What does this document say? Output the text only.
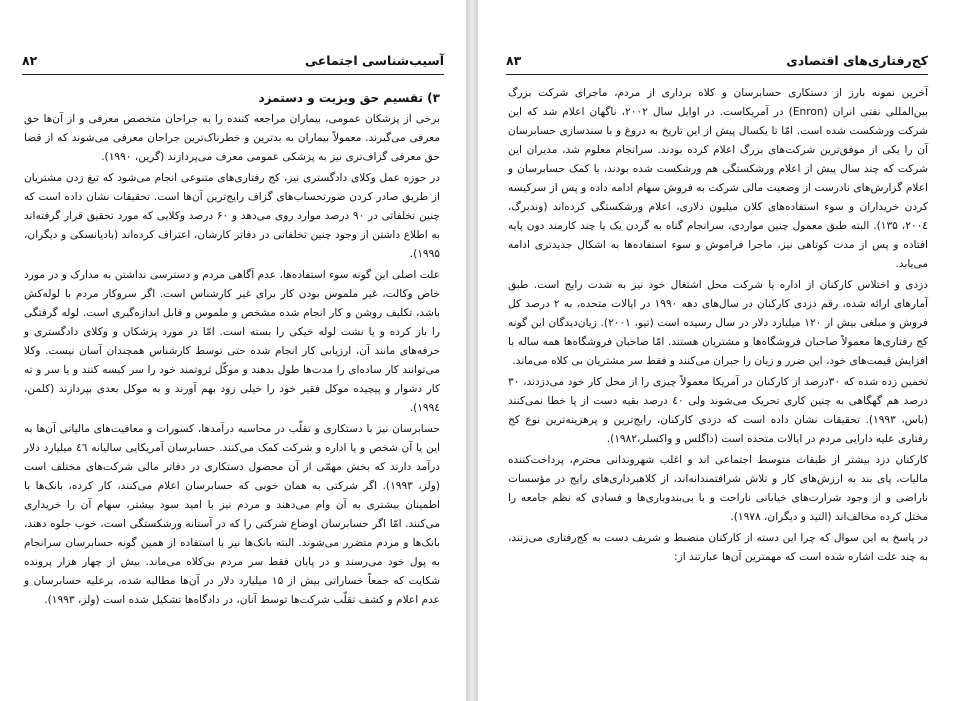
آسیب‌شناسی اجتماعی
۸۲
۳) تقسیم حق ویزیت و دستمزد

برخی از پزشکان عمومی، بیماران مراجعه کننده را به جراحان متخصص معرفی و از آن‌ها حق معرفی می‌گیرند. معمولاً بیماران به بدترین و خطرناک‌ترین جراحان معرفی می‌شوند که از قضا حق معرفی گزاف‌تری نیز به پزشکی عمومی معرف می‌پردازند (گرین، ۱۹۹۰).

در حوزه عمل وکلای دادگستری نیز، کج رفتاری‌های متنوعی انجام می‌شود که تیغ زدن مشتریان از طریق صادر کردن صورتحساب‌های گزاف رایج‌ترین آن‌ها است. تحقیقات نشان داده است که چنین تخلفاتی در ۹۰ درصد موارد روی می‌دهد و ۶۰ درصد وکلایی که مورد تحقیق قرار گرفته‌اند به اطلاع داشتن از وجود چنین تخلفاتی در دفاتر کارشان، اعتراف کرده‌اند (بادیانسکی و دیگران، ۱۹۹۵).

علت اصلی این گونه سوء استفاده‌ها، عدم آگاهی مردم و دسترسی نداشتن به مدارک و در مورد خاص وکالت، غیر ملموس بودن کار برای غیر کارشناس است. اگر سرو‌کار مردم با لوله‌کش باشد، تکلیف روشن و کار انجام شده مشخص و ملموس و قابل اندازه‌گیری است. لوله گرفتگی را باز کرده و یا نشت لوله خیکی را بسته است. امّا در مورد پزشکان و وکلای دادگستری و حرفه‌های مانند آن، ارزیابی کار انجام شده حتی توسط کارشناس همچندان آسان نیست. وکلا می‌توانند کار ساده‌ای را مدت‌ها طول بدهند و موکّل ثروتمند خود را سر کیسه کنند و یا سر و ته کار دشوار و پیچیده موکل فقیر خود را خیلی زود بهم آورند و به موکل بعدی بپردازند (کلمن، ۱۹۹٤).

حسابرسان نیز با دستکاری و تقلّب در محاسبه درآمدها، کسورات و معافیت‌های مالیاتی آن‌ها به این یا آن شخص و یا اداره و شرکت کمک می‌کنند. حسابرسان آمریکایی سالیانه ٤٦ میلیارد دلار درآمد دارند که بخش مهمّی از آن محصول دستکاری در دفاتر مالی شرکت‌های مختلف است (ولز، ۱۹۹۳). اگر شرکتی به همان خوبی که حسابرسان اعلام می‌کنند، کار کرده، بانک‌ها با اطمینان بیشتری به آن وام می‌دهند و مردم نیز با امید سود بیشتر، سهام آن را خریداری می‌کنند. امّا اگر حسابرسان اوضاع شرکتی را که در آستانه ورشکستگی است، خوب جلوه دهند، بانک‌ها و مردم متضرر می‌شوند. البته بانک‌ها نیز با استفاده از همین گونه حسابرسان سرانجام به پول خود می‌رسند و در پایان فقط سر مردم بی‌کلاه می‌ماند. بیش از چهار هزار پرونده شکایت که جمعاً خساراتی بیش از ۱۵ میلیارد دلار در آن‌ها مطالبه شده، برعلیه حسابرسان و عدم اعلام و کشف تقلّب شرکت‌ها توسط آنان، در دادگاه‌ها تشکیل شده است (ولز، ۱۹۹۳).

کج‌رفتاری‌های اقتصادی
۸۳

آخرین نمونه بارز از دستکاری حسابرسان و کلاه برداری از مردم، ماجرای شرکت بزرگ بین‌المللی نفتی انران (Enron) در آمریکاست. در اوایل سال ۲۰۰۲، ناگهان اعلام شد که این شرکت ورشکست شده است. امّا تا یکسال پیش از این تاریخ به دروغ و با سندسازی حسابرسان آن را یکی از موفق‌ترین شرکت‌های بزرگ اعلام کرده بودند. سرانجام معلوم شد، مدیران این شرکت که چند سال پیش از اعلام ورشکستگی هم ورشکست شده بودند، با کمک حسابرسان و اعلام گزارش‌های نادرست از وضعیت مالی شرکت به فروش سهام ادامه داده و پس از سرکیسه کردن خریداران و سوء استفاده‌های کلان میلیون دلاری، اعلام ورشکستگی کرده‌اند (وندبرگ، ۲۰۰٤، ۱۳۵). البته طبق معمول چنین مواردی، سرانجام گناه به گردن یک یا چند کارمند دون پایه افتاده و پس از مدت کوتاهی نیز، ماجرا فراموش و سوء استفاده‌ها به اشکال جدیدتری ادامه می‌یابد.

دزدی و اختلاس کارکنان از اداره یا شرکت محل اشتغال خود نیز به شدت رایج است. طبق آمارهای ارائه شده، رقم دزدی کارکنان در سال‌های دهه ۱۹۹۰ در ایالات متحده، به ۲ درصد کل فروش و مبلغی بیش از ۱۲۰ میلیارد دلار در سال رسیده است (تیو، ۲۰۰۱). زیان‌دیدگان این گونه کج رفتاری‌ها معمولاً صاحبان فروشگاه‌ها و مشتریان هستند. امّا صاحبان فروشگاه‌ها همه ساله با افزایش قیمت‌های خود، این ضرر و زیان را جبران می‌کنند و فقط سر مشتریان بی کلاه می‌ماند.

تخمین زده شده که ۳۰درصد از کارکنان در آمریکا معمولاً چیزی را از محل کار خود می‌دزدند، ۳۰ درصد هم گهگاهی به چنین کاری تحریک می‌شوند ولی ٤۰ درصد بقیه دست از پا خطا نمی‌کنند (باس، ۱۹۹۳). تحقیقات نشان داده است که دزدی کارکنان، رایج‌ترین و پرهزینه‌ترین نوع کج رفتاری علیه دارایی مردم در ایالات متحده است (داگلس و واکسلر،۱۹۸۲).

کارکنان دزد بیشتر از طبقات متوسط اجتماعی اند و اغلب شهروندانی محترم، پرداخت‌کننده مالیات، پای بند به ارزش‌های کار و تلاش شرافتمندانه‌اند، از کلاهبرداری‌های رایج در مؤسسات ناراضی و از وجود شرارت‌های خیابانی ناراحت و با بی‌بندوباری‌ها و فسادی که نظم جامعه را مختل کرده مخالف‌اند (التید و دیگران، ۱۹۷۸).

در پاسخ به این سوال که چرا این دسته از کارکنان منضبط و شریف دست به کج‌رفتاری می‌زنند، به چند علت اشاره شده است که مهمترین آن‌ها عبارتند از:
